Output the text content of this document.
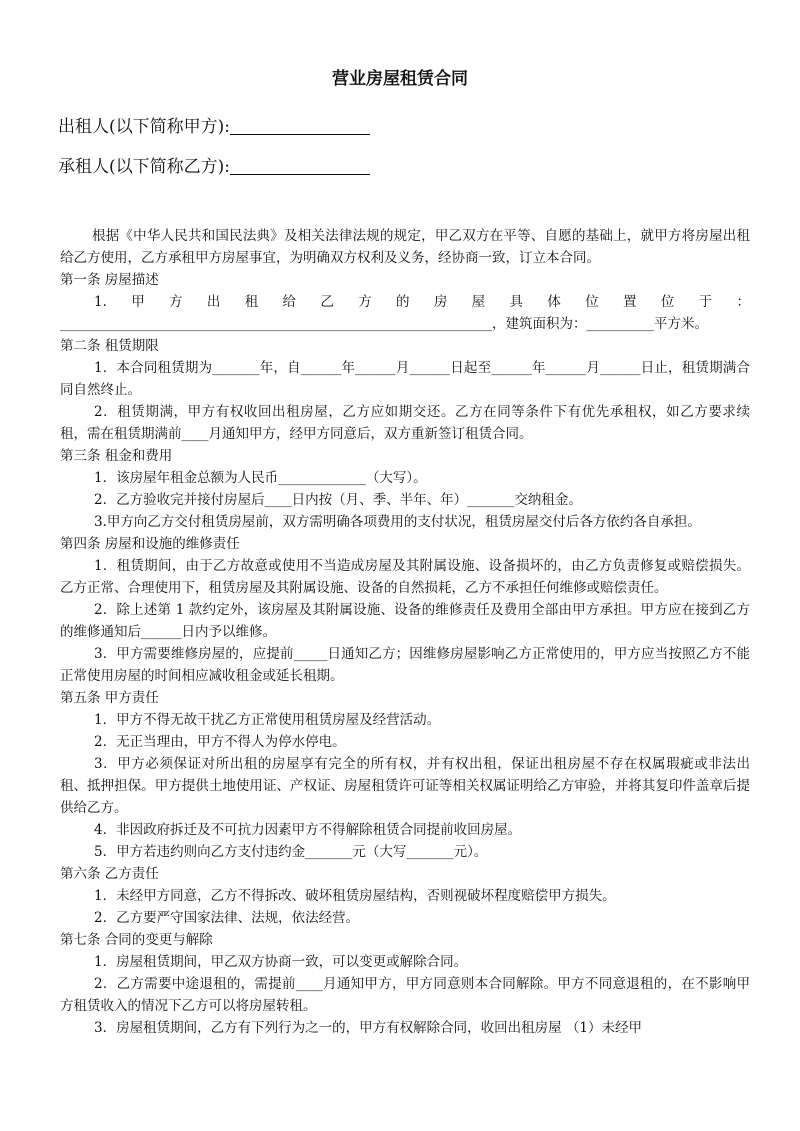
营业房屋租赁合同
出租人(以下简称甲方):
承租人(以下简称乙方):

根据《中华人民共和国民法典》及相关法律法规的规定，甲乙双方在平等、自愿的基础上，就甲方将房屋出租给乙方使用，乙方承租甲方房屋事宜，为明确双方权利及义务，经协商一致，订立本合同。

第一条 房屋描述

1.甲方出租给乙方的房屋具体位置位于：________________________________________________________________，建筑面积为：__________平方米。

第二条 租赁期限

1．本合同租赁期为_______年，自______年______月______日起至______年______月______日止，租赁期满合同自然终止。

2．租赁期满，甲方有权收回出租房屋，乙方应如期交还。乙方在同等条件下有优先承租权，如乙方要求续租，需在租赁期满前____月通知甲方，经甲方同意后，双方重新签订租赁合同。

第三条 租金和费用

1．该房屋年租金总额为人民币_____________（大写）。

2．乙方验收完并接付房屋后____日内按（月、季、半年、年）_______交纳租金。

3.甲方向乙方交付租赁房屋前，双方需明确各项费用的支付状况，租赁房屋交付后各方依约各自承担。

第四条 房屋和设施的维修责任

1．租赁期间，由于乙方故意或使用不当造成房屋及其附属设施、设备损坏的，由乙方负责修复或赔偿损失。乙方正常、合理使用下，租赁房屋及其附属设施、设备的自然损耗，乙方不承担任何维修或赔偿责任。

2．除上述第 1 款约定外，该房屋及其附属设施、设备的维修责任及费用全部由甲方承担。甲方应在接到乙方的维修通知后______日内予以维修。

3．甲方需要维修房屋的，应提前_____日通知乙方；因维修房屋影响乙方正常使用的，甲方应当按照乙方不能正常使用房屋的时间相应减收租金或延长租期。

第五条 甲方责任

1．甲方不得无故干扰乙方正常使用租赁房屋及经营活动。

2．无正当理由，甲方不得人为停水停电。

3．甲方必须保证对所出租的房屋享有完全的所有权，并有权出租，保证出租房屋不存在权属瑕疵或非法出租、抵押担保。甲方提供土地使用证、产权证、房屋租赁许可证等相关权属证明给乙方审验，并将其复印件盖章后提供给乙方。

4．非因政府拆迁及不可抗力因素甲方不得解除租赁合同提前收回房屋。

5．甲方若违约则向乙方支付违约金_______元（大写_______元）。

第六条 乙方责任

1．未经甲方同意，乙方不得拆改、破坏租赁房屋结构，否则视破坏程度赔偿甲方损失。

2．乙方要严守国家法律、法规，依法经营。

第七条 合同的变更与解除

1．房屋租赁期间，甲乙双方协商一致，可以变更或解除合同。

2．乙方需要中途退租的，需提前____月通知甲方，甲方同意则本合同解除。甲方不同意退租的，在不影响甲方租赁收入的情况下乙方可以将房屋转租。

3．房屋租赁期间，乙方有下列行为之一的，甲方有权解除合同，收回出租房屋 （1）未经甲
